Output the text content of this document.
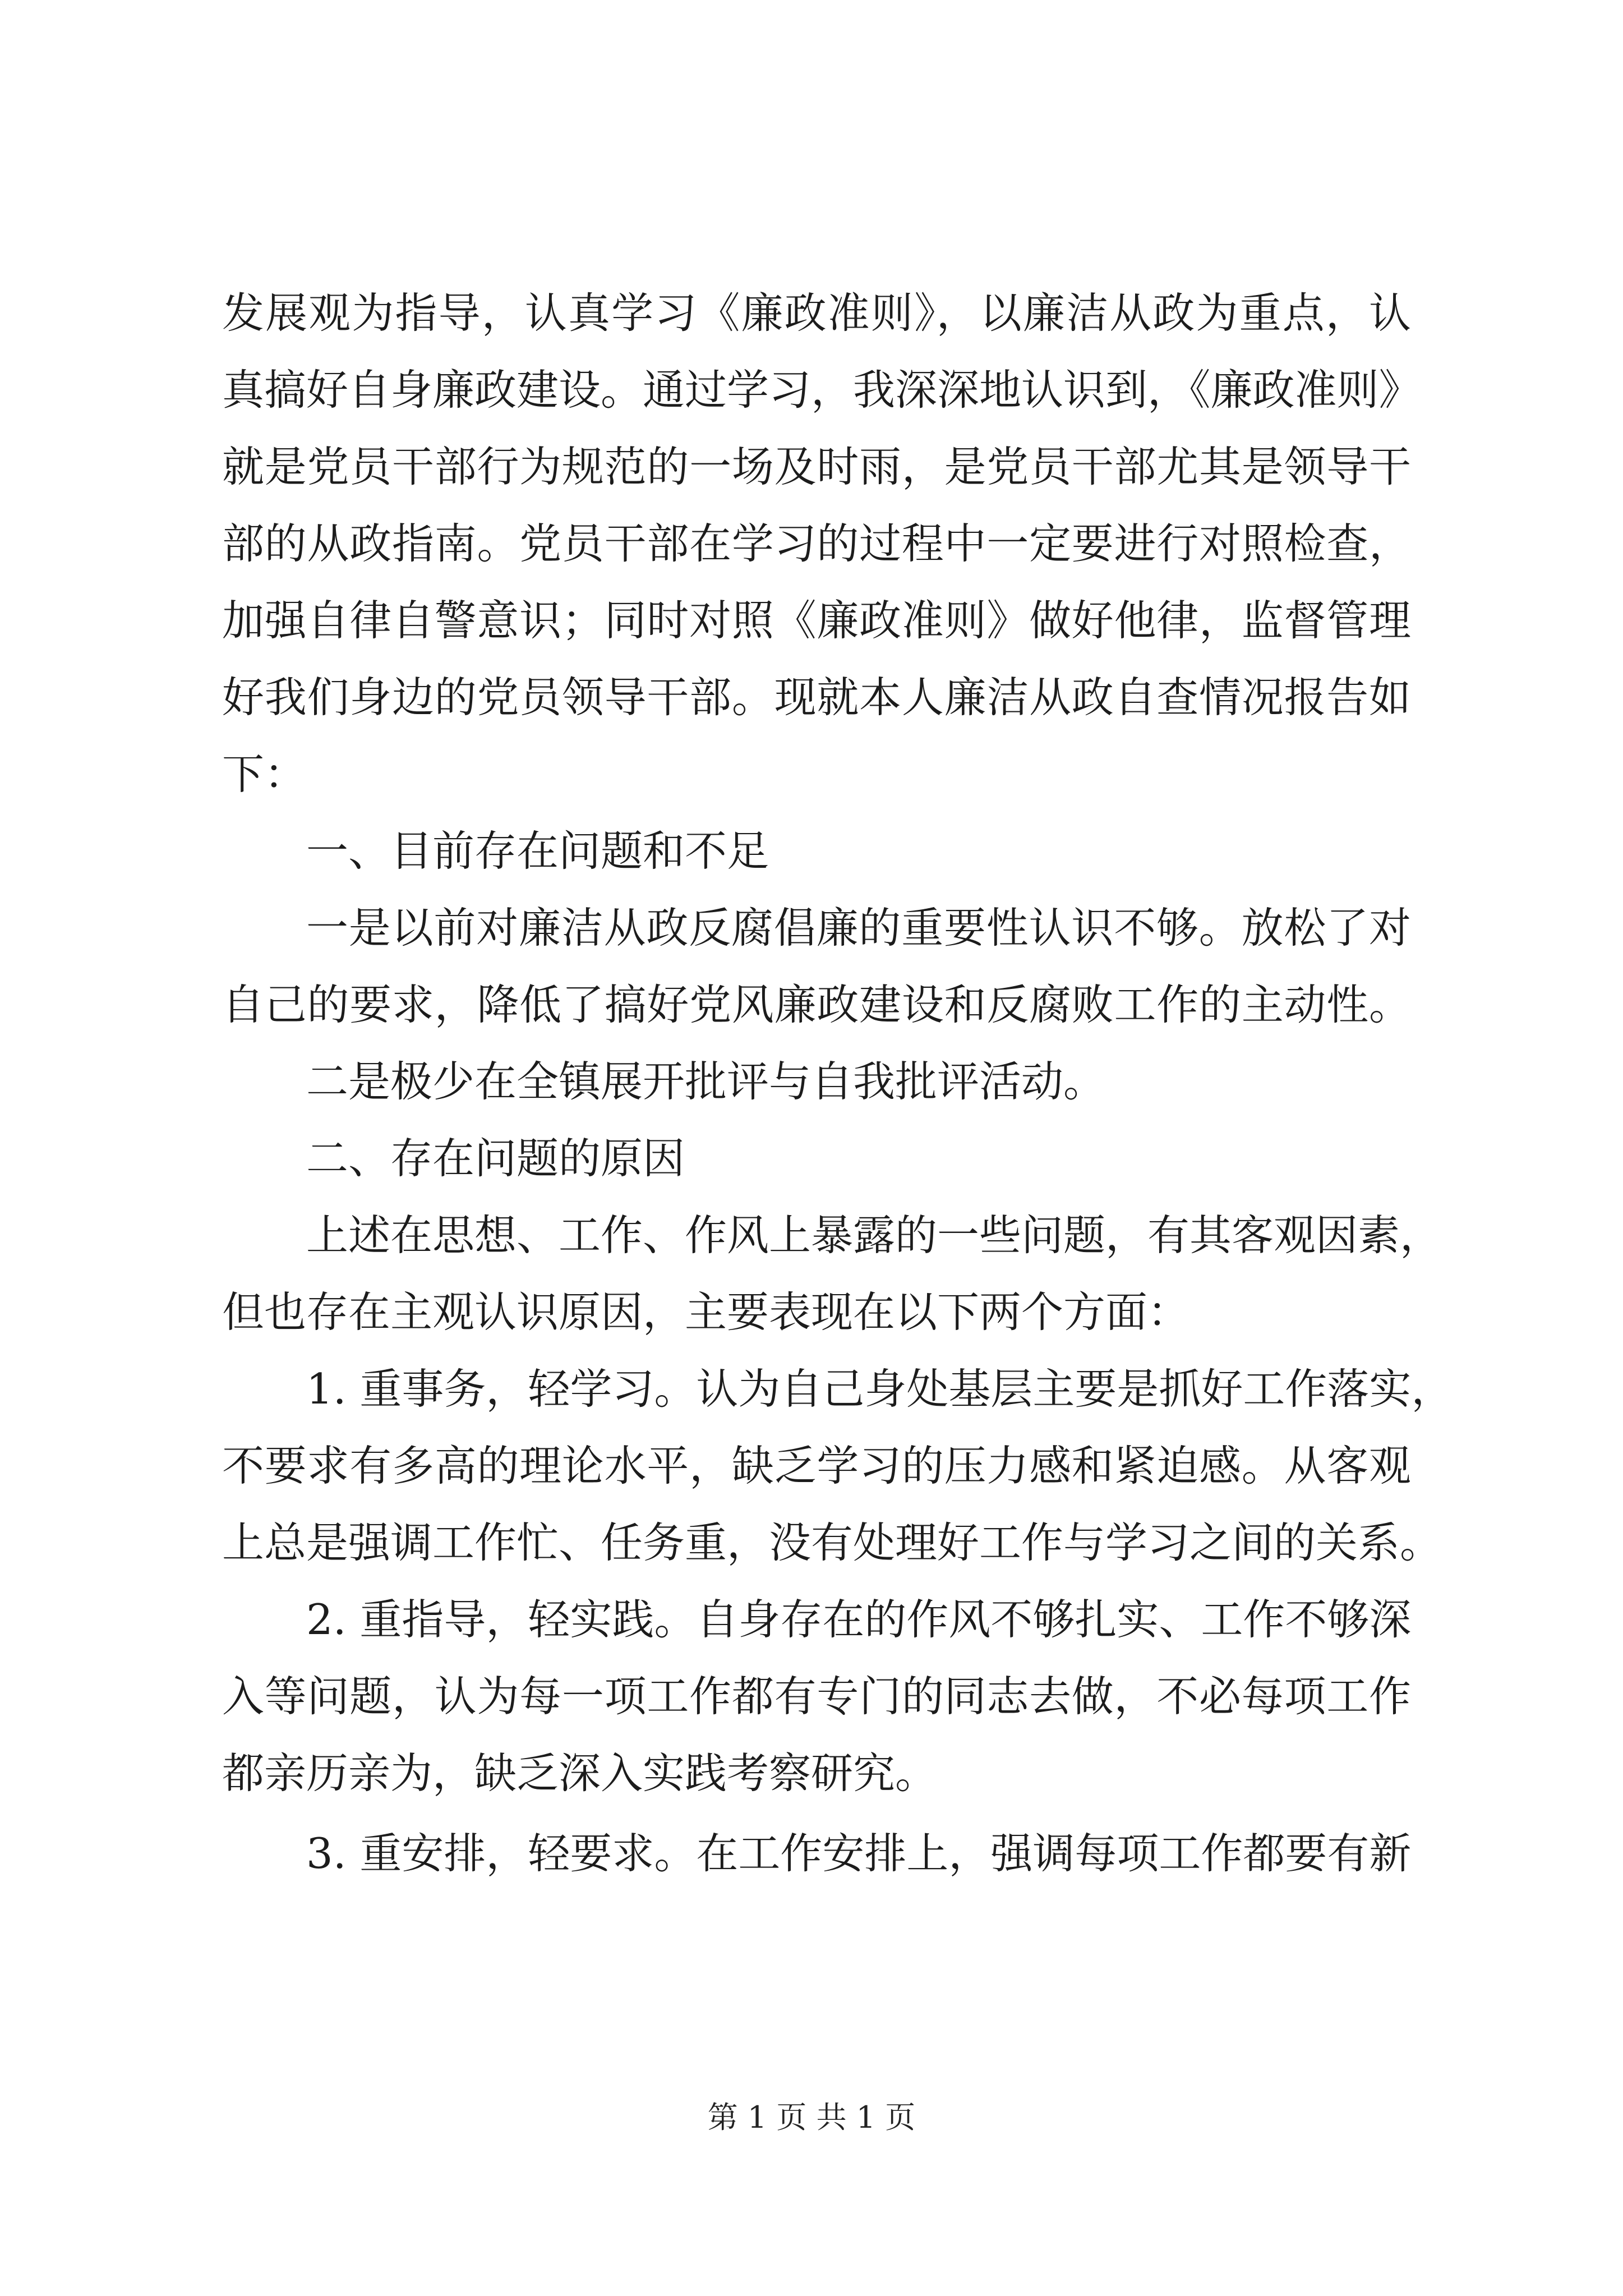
发展观为指导，认真学习《廉政准则》，以廉洁从政为重点，认
真搞好自身廉政建设。通过学习，我深深地认识到，《廉政准则》
就是党员干部行为规范的一场及时雨，是党员干部尤其是领导干
部的从政指南。党员干部在学习的过程中一定要进行对照检查，
加强自律自警意识；同时对照《廉政准则》做好他律，监督管理
好我们身边的党员领导干部。现就本人廉洁从政自查情况报告如
下：
一、目前存在问题和不足
一是以前对廉洁从政反腐倡廉的重要性认识不够。放松了对
自己的要求，降低了搞好党风廉政建设和反腐败工作的主动性。
二是极少在全镇展开批评与自我批评活动。
二、存在问题的原因
上述在思想、工作、作风上暴露的一些问题，有其客观因素，
但也存在主观认识原因，主要表现在以下两个方面：
1. 重事务，轻学习。认为自己身处基层主要是抓好工作落实，
不要求有多高的理论水平，缺乏学习的压力感和紧迫感。从客观
上总是强调工作忙、任务重，没有处理好工作与学习之间的关系。
2. 重指导，轻实践。自身存在的作风不够扎实、工作不够深
入等问题，认为每一项工作都有专门的同志去做，不必每项工作
都亲历亲为，缺乏深入实践考察研究。
3. 重安排，轻要求。在工作安排上，强调每项工作都要有新
第 1 页 共 1 页
